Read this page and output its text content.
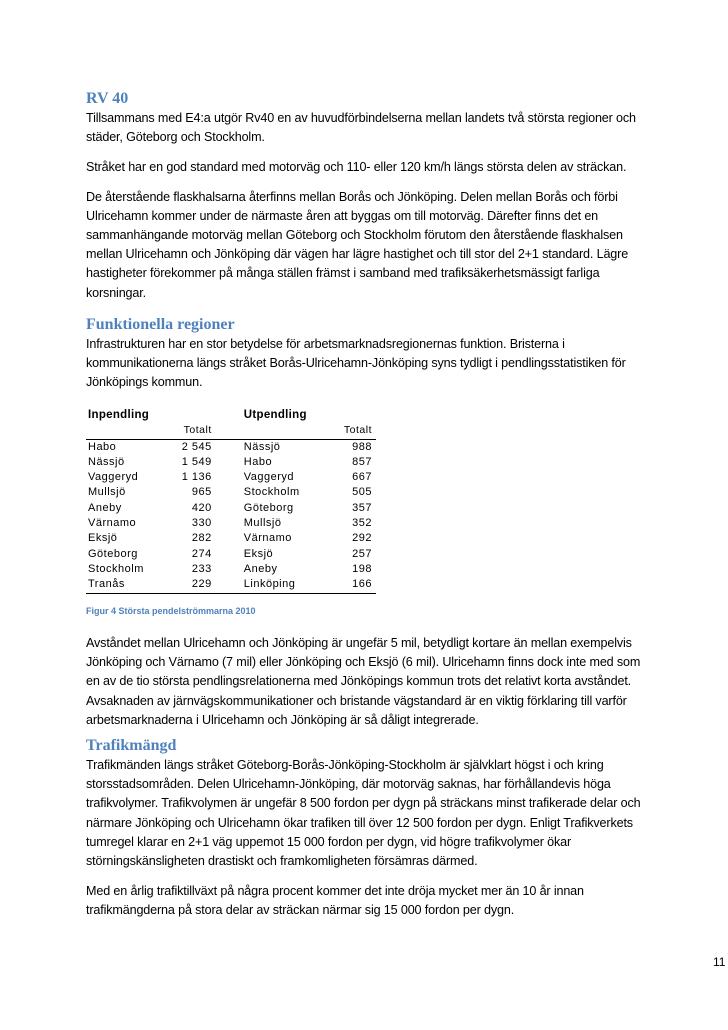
RV 40

Tillsammans med E4:a utgör Rv40 en av huvudförbindelserna mellan landets två största regioner och städer, Göteborg och Stockholm.

Stråket har en god standard med motorväg och 110- eller 120 km/h längs största delen av sträckan.

De återstående flaskhalsarna återfinns mellan Borås och Jönköping. Delen mellan Borås och förbi Ulricehamn kommer under de närmaste åren att byggas om till motorväg. Därefter finns det en sammanhängande motorväg mellan Göteborg och Stockholm förutom den återstående flaskhalsen mellan Ulricehamn och Jönköping där vägen har lägre hastighet och till stor del 2+1 standard. Lägre hastigheter förekommer på många ställen främst i samband med trafiksäkerhetsmässigt farliga korsningar.

Funktionella regioner

Infrastrukturen har en stor betydelse för arbetsmarknadsregionernas funktion. Bristerna i kommunikationerna längs stråket Borås-Ulricehamn-Jönköping syns tydligt i pendlingsstatistiken för Jönköpings kommun.

Inpendling		Utpendling	
	Totalt		Totalt
Habo	2 545	Nässjö	988
Nässjö	1 549	Habo	857
Vaggeryd	1 136	Vaggeryd	667
Mullsjö	965	Stockholm	505
Aneby	420	Göteborg	357
Värnamo	330	Mullsjö	352
Eksjö	282	Värnamo	292
Göteborg	274	Eksjö	257
Stockholm	233	Aneby	198
Tranås	229	Linköping	166
Figur 4 Största pendelströmmarna 2010

Avståndet mellan Ulricehamn och Jönköping är ungefär 5 mil, betydligt kortare än mellan exempelvis Jönköping och Värnamo (7 mil) eller Jönköping och Eksjö (6 mil). Ulricehamn finns dock inte med som en av de tio största pendlingsrelationerna med Jönköpings kommun trots det relativt korta avståndet. Avsaknaden av järnvägskommunikationer och bristande vägstandard är en viktig förklaring till varför arbetsmarknaderna i Ulricehamn och Jönköping är så dåligt integrerade.

Trafikmängd

Trafikmänden längs stråket Göteborg-Borås-Jönköping-Stockholm är självklart högst i och kring storsstadsområden. Delen Ulricehamn-Jönköping, där motorväg saknas, har förhållandevis höga trafikvolymer. Trafikvolymen är ungefär 8 500 fordon per dygn på sträckans minst trafikerade delar och närmare Jönköping och Ulricehamn ökar trafiken till över 12 500 fordon per dygn. Enligt Trafikverkets tumregel klarar en 2+1 väg uppemot 15 000 fordon per dygn, vid högre trafikvolymer ökar störningskänsligheten drastiskt och framkomligheten försämras därmed.

Med en årlig trafiktillväxt på några procent kommer det inte dröja mycket mer än 10 år innan trafikmängderna på stora delar av sträckan närmar sig 15 000 fordon per dygn.

11
